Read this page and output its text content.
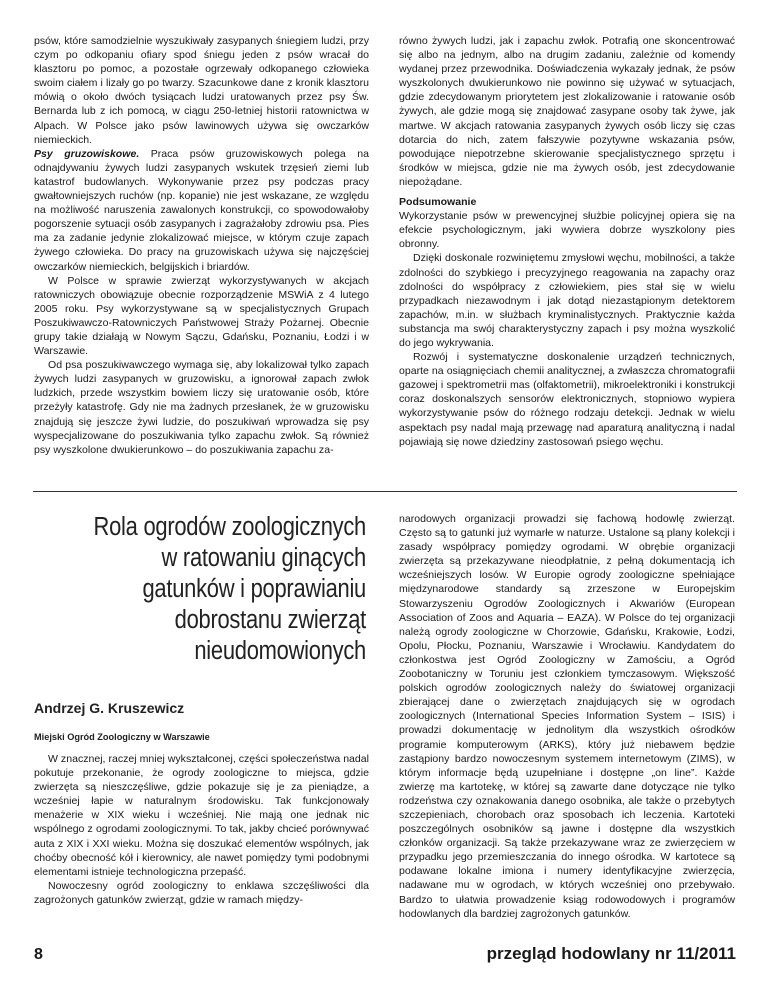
psów, które samodzielnie wyszukiwały zasypanych śniegiem ludzi, przy czym po odkopaniu ofiary spod śniegu jeden z psów wracał do klasztoru po pomoc, a pozostałe ogrzewały odkopanego człowieka swoim ciałem i lizały go po twarzy. Szacunkowe dane z kronik klasztoru mówią o około dwóch tysiącach ludzi uratowanych przez psy Św. Bernarda lub z ich pomocą, w ciągu 250-letniej historii ratownictwa w Alpach. W Polsce jako psów lawinowych używa się owczarków niemieckich.

Psy gruzowiskowe. Praca psów gruzowiskowych polega na odnajdywaniu żywych ludzi zasypanych wskutek trzęsień ziemi lub katastrof budowlanych. Wykonywanie przez psy podczas pracy gwałtowniejszych ruchów (np. kopanie) nie jest wskazane, ze względu na możliwość naruszenia zawalonych konstrukcji, co spowodowałoby pogorszenie sytuacji osób zasypanych i zagrażałoby zdrowiu psa. Pies ma za zadanie jedynie zlokalizować miejsce, w którym czuje zapach żywego człowieka. Do pracy na gruzowiskach używa się najczęściej owczarków niemieckich, belgijskich i briardów.

W Polsce w sprawie zwierząt wykorzystywanych w akcjach ratowniczych obowiązuje obecnie rozporządzenie MSWiA z 4 lutego 2005 roku. Psy wykorzystywane są w specjalistycznych Grupach Poszukiwawczo-Ratowniczych Państwowej Straży Pożarnej. Obecnie grupy takie działają w Nowym Sączu, Gdańsku, Poznaniu, Łodzi i w Warszawie.

Od psa poszukiwawczego wymaga się, aby lokalizował tylko zapach żywych ludzi zasypanych w gruzowisku, a ignorował zapach zwłok ludzkich, przede wszystkim bowiem liczy się uratowanie osób, które przeżyły katastrofę. Gdy nie ma żadnych przesłanek, że w gruzowisku znajdują się jeszcze żywi ludzie, do poszukiwań wprowadza się psy wyspecjalizowane do poszukiwania tylko zapachu zwłok. Są również psy wyszkolone dwukierunkowo – do poszukiwania zapachu za-

równo żywych ludzi, jak i zapachu zwłok. Potrafią one skoncentrować się albo na jednym, albo na drugim zadaniu, zależnie od komendy wydanej przez przewodnika. Doświadczenia wykazały jednak, że psów wyszkolonych dwukierunkowo nie powinno się używać w sytuacjach, gdzie zdecydowanym priorytetem jest zlokalizowanie i ratowanie osób żywych, ale gdzie mogą się znajdować zasypane osoby tak żywe, jak martwe. W akcjach ratowania zasypanych żywych osób liczy się czas dotarcia do nich, zatem fałszywie pozytywne wskazania psów, powodujące niepotrzebne skierowanie specjalistycznego sprzętu i środków w miejsca, gdzie nie ma żywych osób, jest zdecydowanie niepożądane.

Podsumowanie

Wykorzystanie psów w prewencyjnej służbie policyjnej opiera się na efekcie psychologicznym, jaki wywiera dobrze wyszkolony pies obronny.

Dzięki doskonale rozwiniętemu zmysłowi węchu, mobilności, a także zdolności do szybkiego i precyzyjnego reagowania na zapachy oraz zdolności do współpracy z człowiekiem, pies stał się w wielu przypadkach niezawodnym i jak dotąd niezastąpionym detektorem zapachów, m.in. w służbach kryminalistycznych. Praktycznie każda substancja ma swój charakterystyczny zapach i psy można wyszkolić do jego wykrywania.

Rozwój i systematyczne doskonalenie urządzeń technicznych, oparte na osiągnięciach chemii analitycznej, a zwłaszcza chromatografii gazowej i spektrometrii mas (olfaktometrii), mikroelektroniki i konstrukcji coraz doskonalszych sensorów elektronicznych, stopniowo wypiera wykorzystywanie psów do różnego rodzaju detekcji. Jednak w wielu aspektach psy nadal mają przewagę nad aparaturą analityczną i nadal pojawiają się nowe dziedziny zastosowań psiego węchu.

Rola ogrodów zoologicznych
w ratowaniu ginących
gatunków i poprawianiu
dobrostanu zwierząt
nieudomowionych
Andrzej G. Kruszewicz
Miejski Ogród Zoologiczny w Warszawie

W znacznej, raczej mniej wykształconej, części społeczeństwa nadal pokutuje przekonanie, że ogrody zoologiczne to miejsca, gdzie zwierzęta są nieszczęśliwe, gdzie pokazuje się je za pieniądze, a wcześniej łapie w naturalnym środowisku. Tak funkcjonowały menażerie w XIX wieku i wcześniej. Nie mają one jednak nic wspólnego z ogrodami zoologicznymi. To tak, jakby chcieć porównywać auta z XIX i XXI wieku. Można się doszukać elementów wspólnych, jak choćby obecność kół i kierownicy, ale nawet pomiędzy tymi podobnymi elementami istnieje technologiczna przepaść.

Nowoczesny ogród zoologiczny to enklawa szczęśliwości dla zagrożonych gatunków zwierząt, gdzie w ramach między-

narodowych organizacji prowadzi się fachową hodowlę zwierząt. Często są to gatunki już wymarłe w naturze. Ustalone są plany kolekcji i zasady współpracy pomiędzy ogrodami. W obrębie organizacji zwierzęta są przekazywane nieodpłatnie, z pełną dokumentacją ich wcześniejszych losów. W Europie ogrody zoologiczne spełniające międzynarodowe standardy są zrzeszone w Europejskim Stowarzyszeniu Ogrodów Zoologicznych i Akwariów (European Association of Zoos and Aquaria – EAZA). W Polsce do tej organizacji należą ogrody zoologiczne w Chorzowie, Gdańsku, Krakowie, Łodzi, Opolu, Płocku, Poznaniu, Warszawie i Wrocławiu. Kandydatem do członkostwa jest Ogród Zoologiczny w Zamościu, a Ogród Zoobotaniczny w Toruniu jest członkiem tymczasowym. Większość polskich ogrodów zoologicznych należy do światowej organizacji zbierającej dane o zwierzętach znajdujących się w ogrodach zoologicznych (International Species Information System – ISIS) i prowadzi dokumentację w jednolitym dla wszystkich ośrodków programie komputerowym (ARKS), który już niebawem będzie zastąpiony bardzo nowoczesnym systemem internetowym (ZIMS), w którym informacje będą uzupełniane i dostępne „on line”. Każde zwierzę ma kartotekę, w której są zawarte dane dotyczące nie tylko rodzeństwa czy oznakowania danego osobnika, ale także o przebytych szczepieniach, chorobach oraz sposobach ich leczenia. Kartoteki poszczególnych osobników są jawne i dostępne dla wszystkich członków organizacji. Są także przekazywane wraz ze zwierzęciem w przypadku jego przemieszczania do innego ośrodka. W kartotece są podawane lokalne imiona i numery identyfikacyjne zwierzęcia, nadawane mu w ogrodach, w których wcześniej ono przebywało. Bardzo to ułatwia prowadzenie ksiąg rodowodowych i programów hodowlanych dla bardziej zagrożonych gatunków.

8	przegląd hodowlany nr 11/2011
